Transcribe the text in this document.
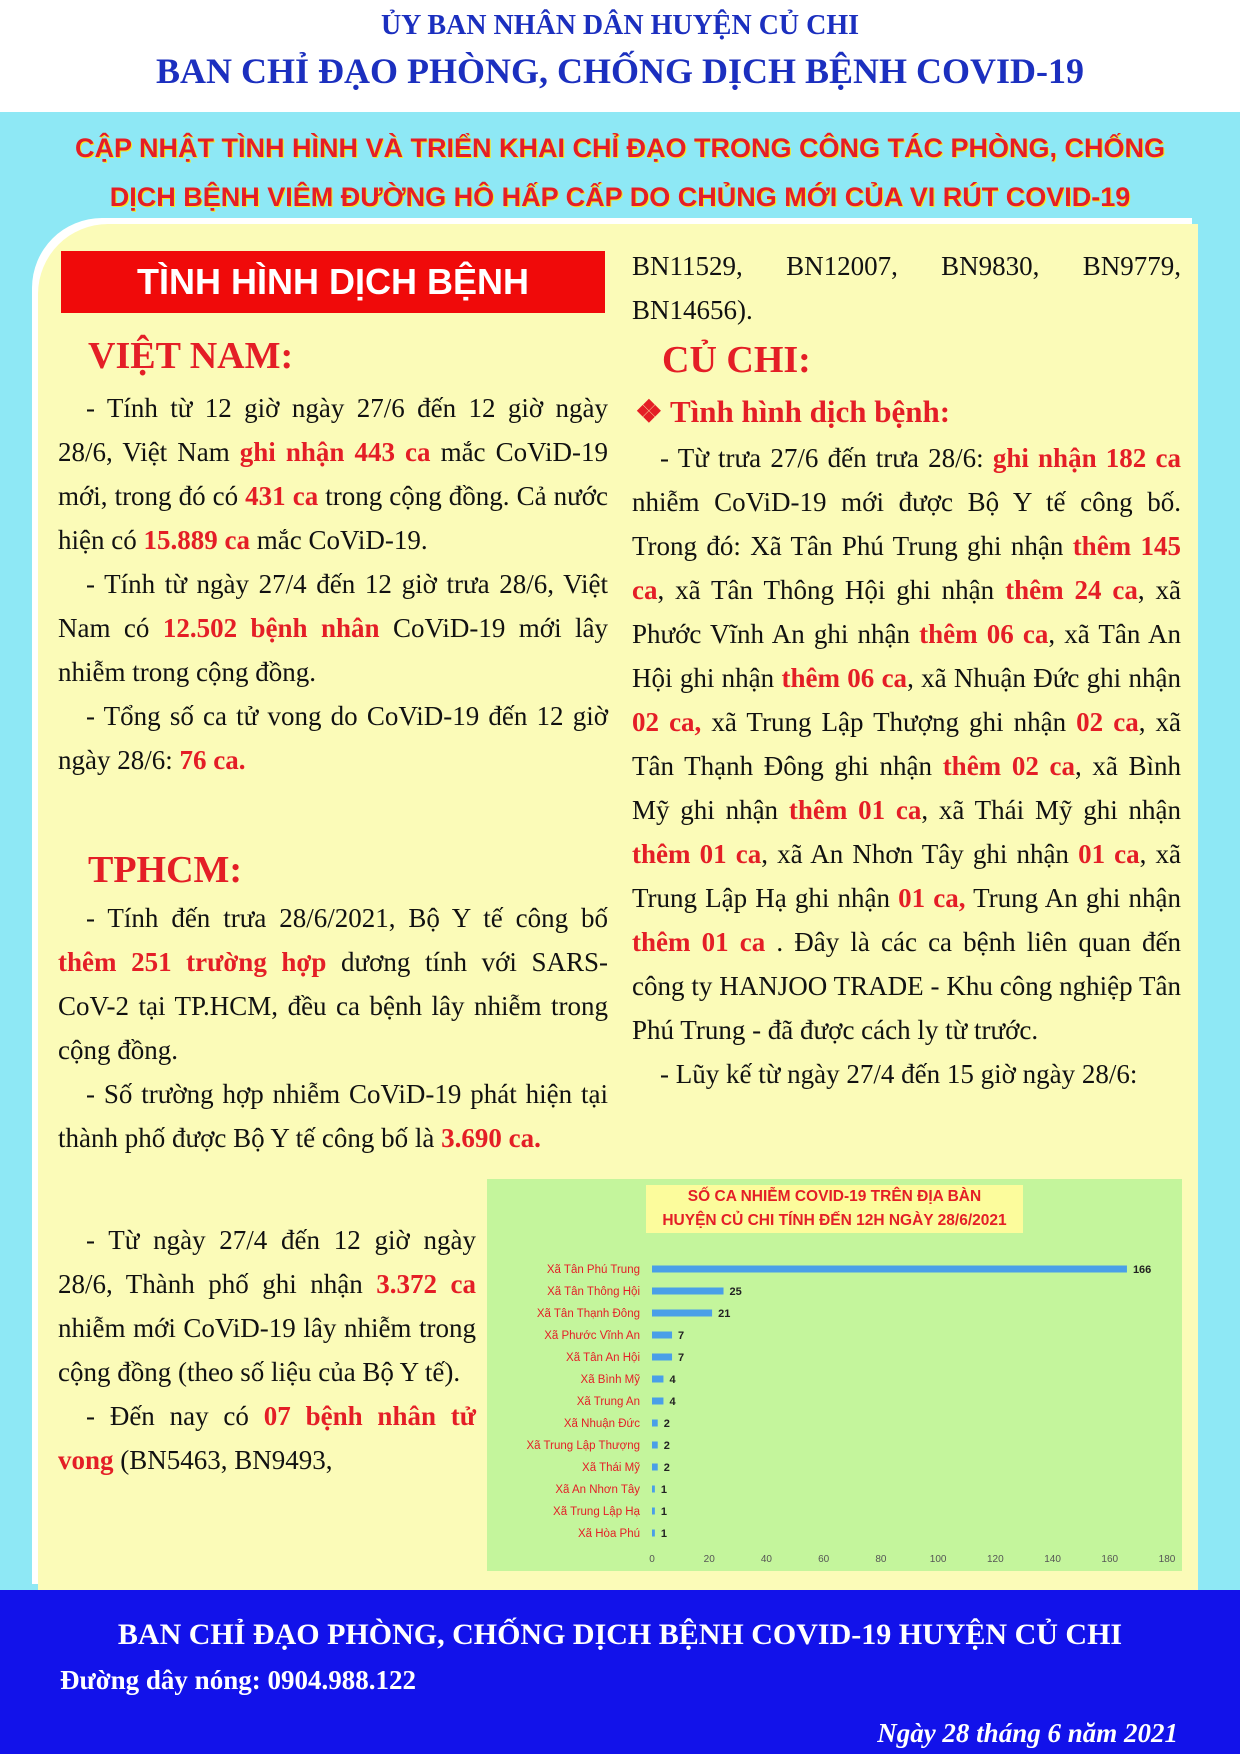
ỦY BAN NHÂN DÂN HUYỆN CỦ CHI
BAN CHỈ ĐẠO PHÒNG, CHỐNG DỊCH BỆNH COVID-19
CẬP NHẬT TÌNH HÌNH VÀ TRIỂN KHAI CHỈ ĐẠO TRONG CÔNG TÁC PHÒNG, CHỐNG
DỊCH BỆNH VIÊM ĐƯỜNG HÔ HẤP CẤP DO CHỦNG MỚI CỦA VI RÚT COVID-19
TÌNH HÌNH DỊCH BỆNH
VIỆT NAM:

- Tính từ 12 giờ ngày 27/6 đến 12 giờ ngày 28/6, Việt Nam ghi nhận 443 ca mắc CoViD-19 mới, trong đó có 431 ca trong cộng đồng. Cả nước hiện có 15.889 ca mắc CoViD-19.

- Tính từ ngày 27/4 đến 12 giờ trưa 28/6, Việt Nam có 12.502 bệnh nhân CoViD-19 mới lây nhiễm trong cộng đồng.

- Tổng số ca tử vong do CoViD-19 đến 12 giờ ngày 28/6: 76 ca.

TPHCM:

- Tính đến trưa 28/6/2021, Bộ Y tế công bố thêm 251 trường hợp dương tính với SARS-CoV-2 tại TP.HCM, đều ca bệnh lây nhiễm trong cộng đồng.

- Số trường hợp nhiễm CoViD-19 phát hiện tại thành phố được Bộ Y tế công bố là 3.690 ca.

- Từ ngày 27/4 đến 12 giờ ngày 28/6, Thành phố ghi nhận 3.372 ca nhiễm mới CoViD-19 lây nhiễm trong cộng đồng (theo số liệu của Bộ Y tế).

- Đến nay có 07 bệnh nhân tử vong (BN5463, BN9493,

BN11529, BN12007, BN9830, BN9779, BN14656).

CỦ CHI:
❖ Tình hình dịch bệnh:

- Từ trưa 27/6 đến trưa 28/6: ghi nhận 182 ca nhiễm CoViD-19 mới được Bộ Y tế công bố. Trong đó: Xã Tân Phú Trung ghi nhận thêm 145 ca, xã Tân Thông Hội ghi nhận thêm 24 ca, xã Phước Vĩnh An ghi nhận thêm 06 ca, xã Tân An Hội ghi nhận thêm 06 ca, xã Nhuận Đức ghi nhận 02 ca, xã Trung Lập Thượng ghi nhận 02 ca, xã Tân Thạnh Đông ghi nhận thêm 02 ca, xã Bình Mỹ ghi nhận thêm 01 ca, xã Thái Mỹ ghi nhận thêm 01 ca, xã An Nhơn Tây ghi nhận 01 ca, xã Trung Lập Hạ ghi nhận 01 ca, Trung An ghi nhận thêm 01 ca . Đây là các ca bệnh liên quan đến công ty HANJOO TRADE - Khu công nghiệp Tân Phú Trung - đã được cách ly từ trước.

- Lũy kế từ ngày 27/4 đến 15 giờ ngày 28/6:

SỐ CA NHIỄM COVID-19 TRÊN ĐỊA BÀN
HUYỆN CỦ CHI TÍNH ĐẾN 12H NGÀY 28/6/2021
Xã Tân Phú Trung	166
Xã Tân Thông Hội	25
Xã Tân Thạnh Đông	21
Xã Phước Vĩnh An	7
Xã Tân An Hội	7
Xã Bình Mỹ	4
Xã Trung An	4
Xã Nhuận Đức 2
Xã Trung Lập Thượng 2
Xã Thái Mỹ 2
Xã An Nhơn Tây 1
Xã Trung Lập Hạ 1
Xã Hòa Phú 1
0	20	40	60	80	100	120	140	160	180
BAN CHỈ ĐẠO PHÒNG, CHỐNG DỊCH BỆNH COVID-19 HUYỆN CỦ CHI
Đường dây nóng: 0904.988.122
Ngày 28 tháng 6 năm 2021
